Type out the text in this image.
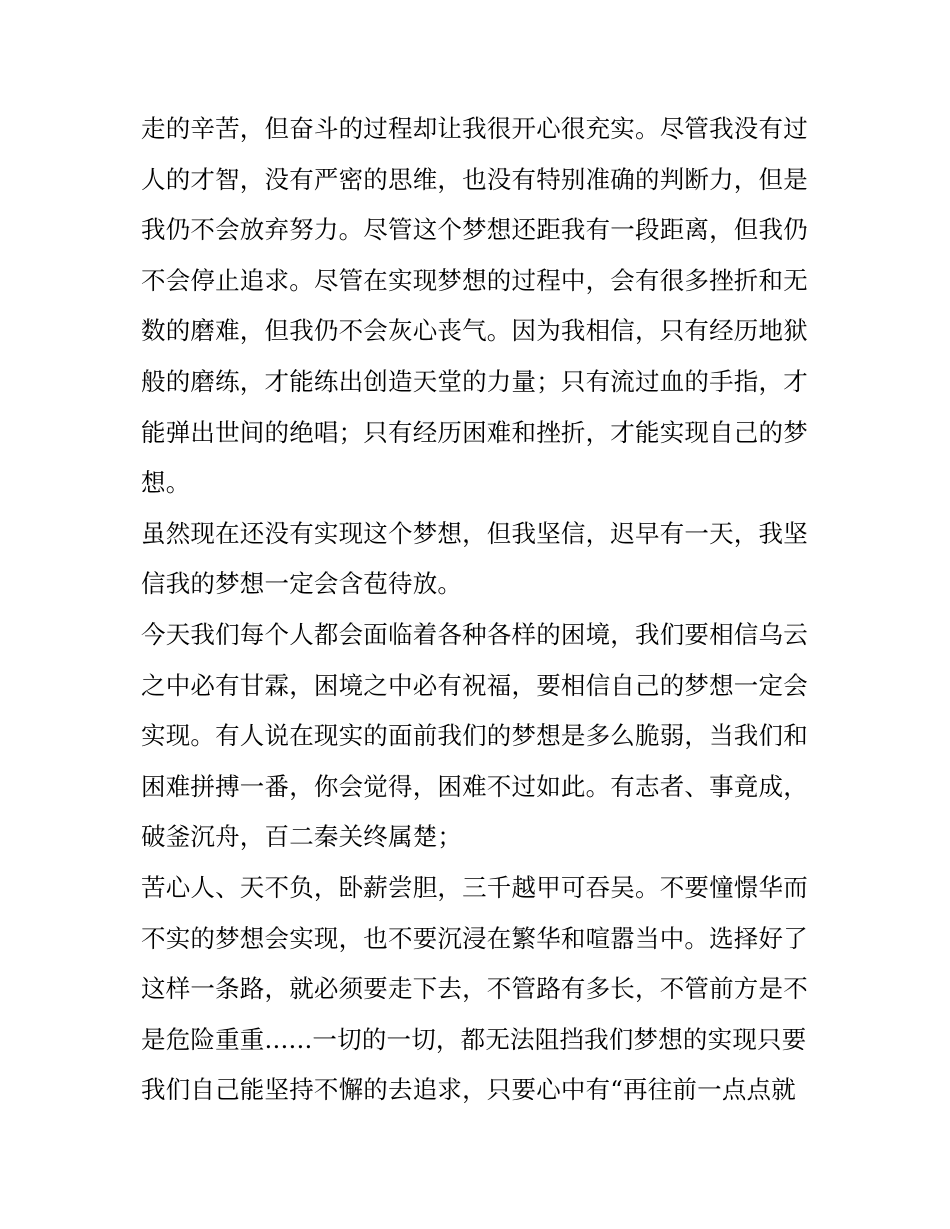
走的辛苦，但奋斗的过程却让我很开心很充实。尽管我没有过
人的才智，没有严密的思维，也没有特别准确的判断力，但是
我仍不会放弃努力。尽管这个梦想还距我有一段距离，但我仍
不会停止追求。尽管在实现梦想的过程中，会有很多挫折和无
数的磨难，但我仍不会灰心丧气。因为我相信，只有经历地狱
般的磨练，才能练出创造天堂的力量；只有流过血的手指，才
能弹出世间的绝唱；只有经历困难和挫折，才能实现自己的梦
想。
虽然现在还没有实现这个梦想，但我坚信，迟早有一天，我坚
信我的梦想一定会含苞待放。
今天我们每个人都会面临着各种各样的困境，我们要相信乌云
之中必有甘霖，困境之中必有祝福，要相信自己的梦想一定会
实现。有人说在现实的面前我们的梦想是多么脆弱，当我们和
困难拼搏一番，你会觉得，困难不过如此。有志者、事竟成，
破釜沉舟，百二秦关终属楚；
苦心人、天不负，卧薪尝胆，三千越甲可吞吴。不要憧憬华而
不实的梦想会实现，也不要沉浸在繁华和喧嚣当中。选择好了
这样一条路，就必须要走下去，不管路有多长，不管前方是不
是危险重重......一切的一切，都无法阻挡我们梦想的实现只要
我们自己能坚持不懈的去追求，只要心中有“再往前一点点就
